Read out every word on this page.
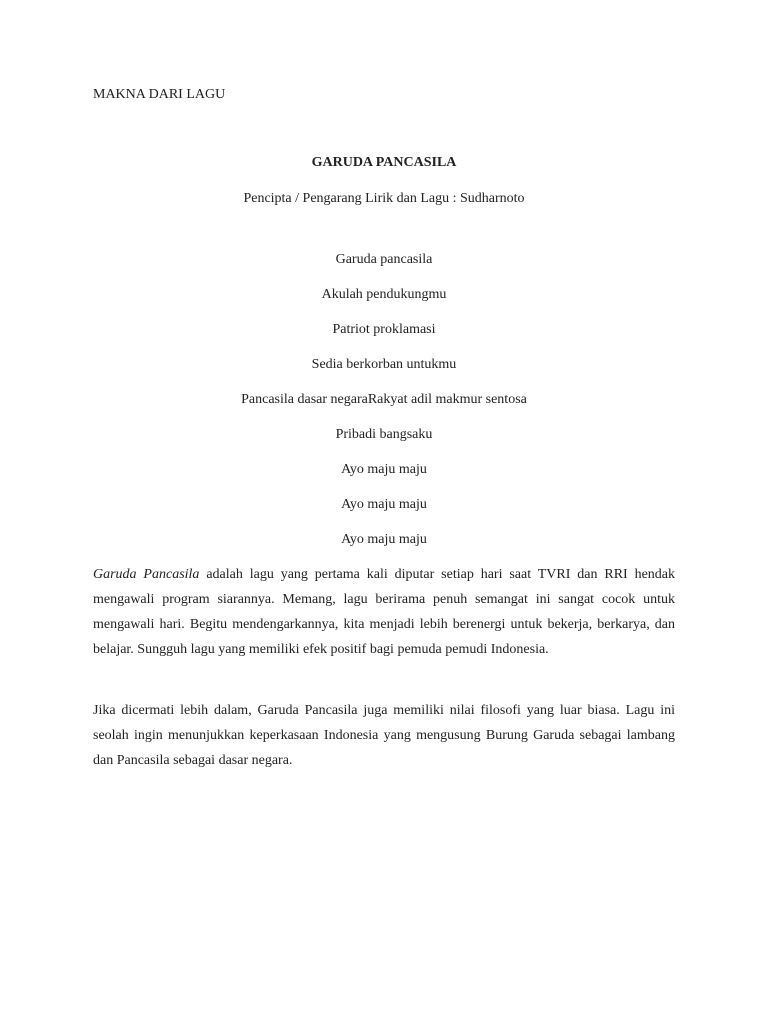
MAKNA DARI LAGU
GARUDA PANCASILA
Pencipta / Pengarang Lirik dan Lagu : Sudharnoto
Garuda pancasila
Akulah pendukungmu
Patriot proklamasi
Sedia berkorban untukmu
Pancasila dasar negaraRakyat adil makmur sentosa
Pribadi bangsaku
Ayo maju maju
Ayo maju maju
Ayo maju maju

Garuda Pancasila adalah lagu yang pertama kali diputar setiap hari saat TVRI dan RRI hendak mengawali program siarannya. Memang, lagu berirama penuh semangat ini sangat cocok untuk mengawali hari. Begitu mendengarkannya, kita menjadi lebih berenergi untuk bekerja, berkarya, dan belajar. Sungguh lagu yang memiliki efek positif bagi pemuda pemudi Indonesia.

Jika dicermati lebih dalam, Garuda Pancasila juga memiliki nilai filosofi yang luar biasa. Lagu ini seolah ingin menunjukkan keperkasaan Indonesia yang mengusung Burung Garuda sebagai lambang dan Pancasila sebagai dasar negara.
